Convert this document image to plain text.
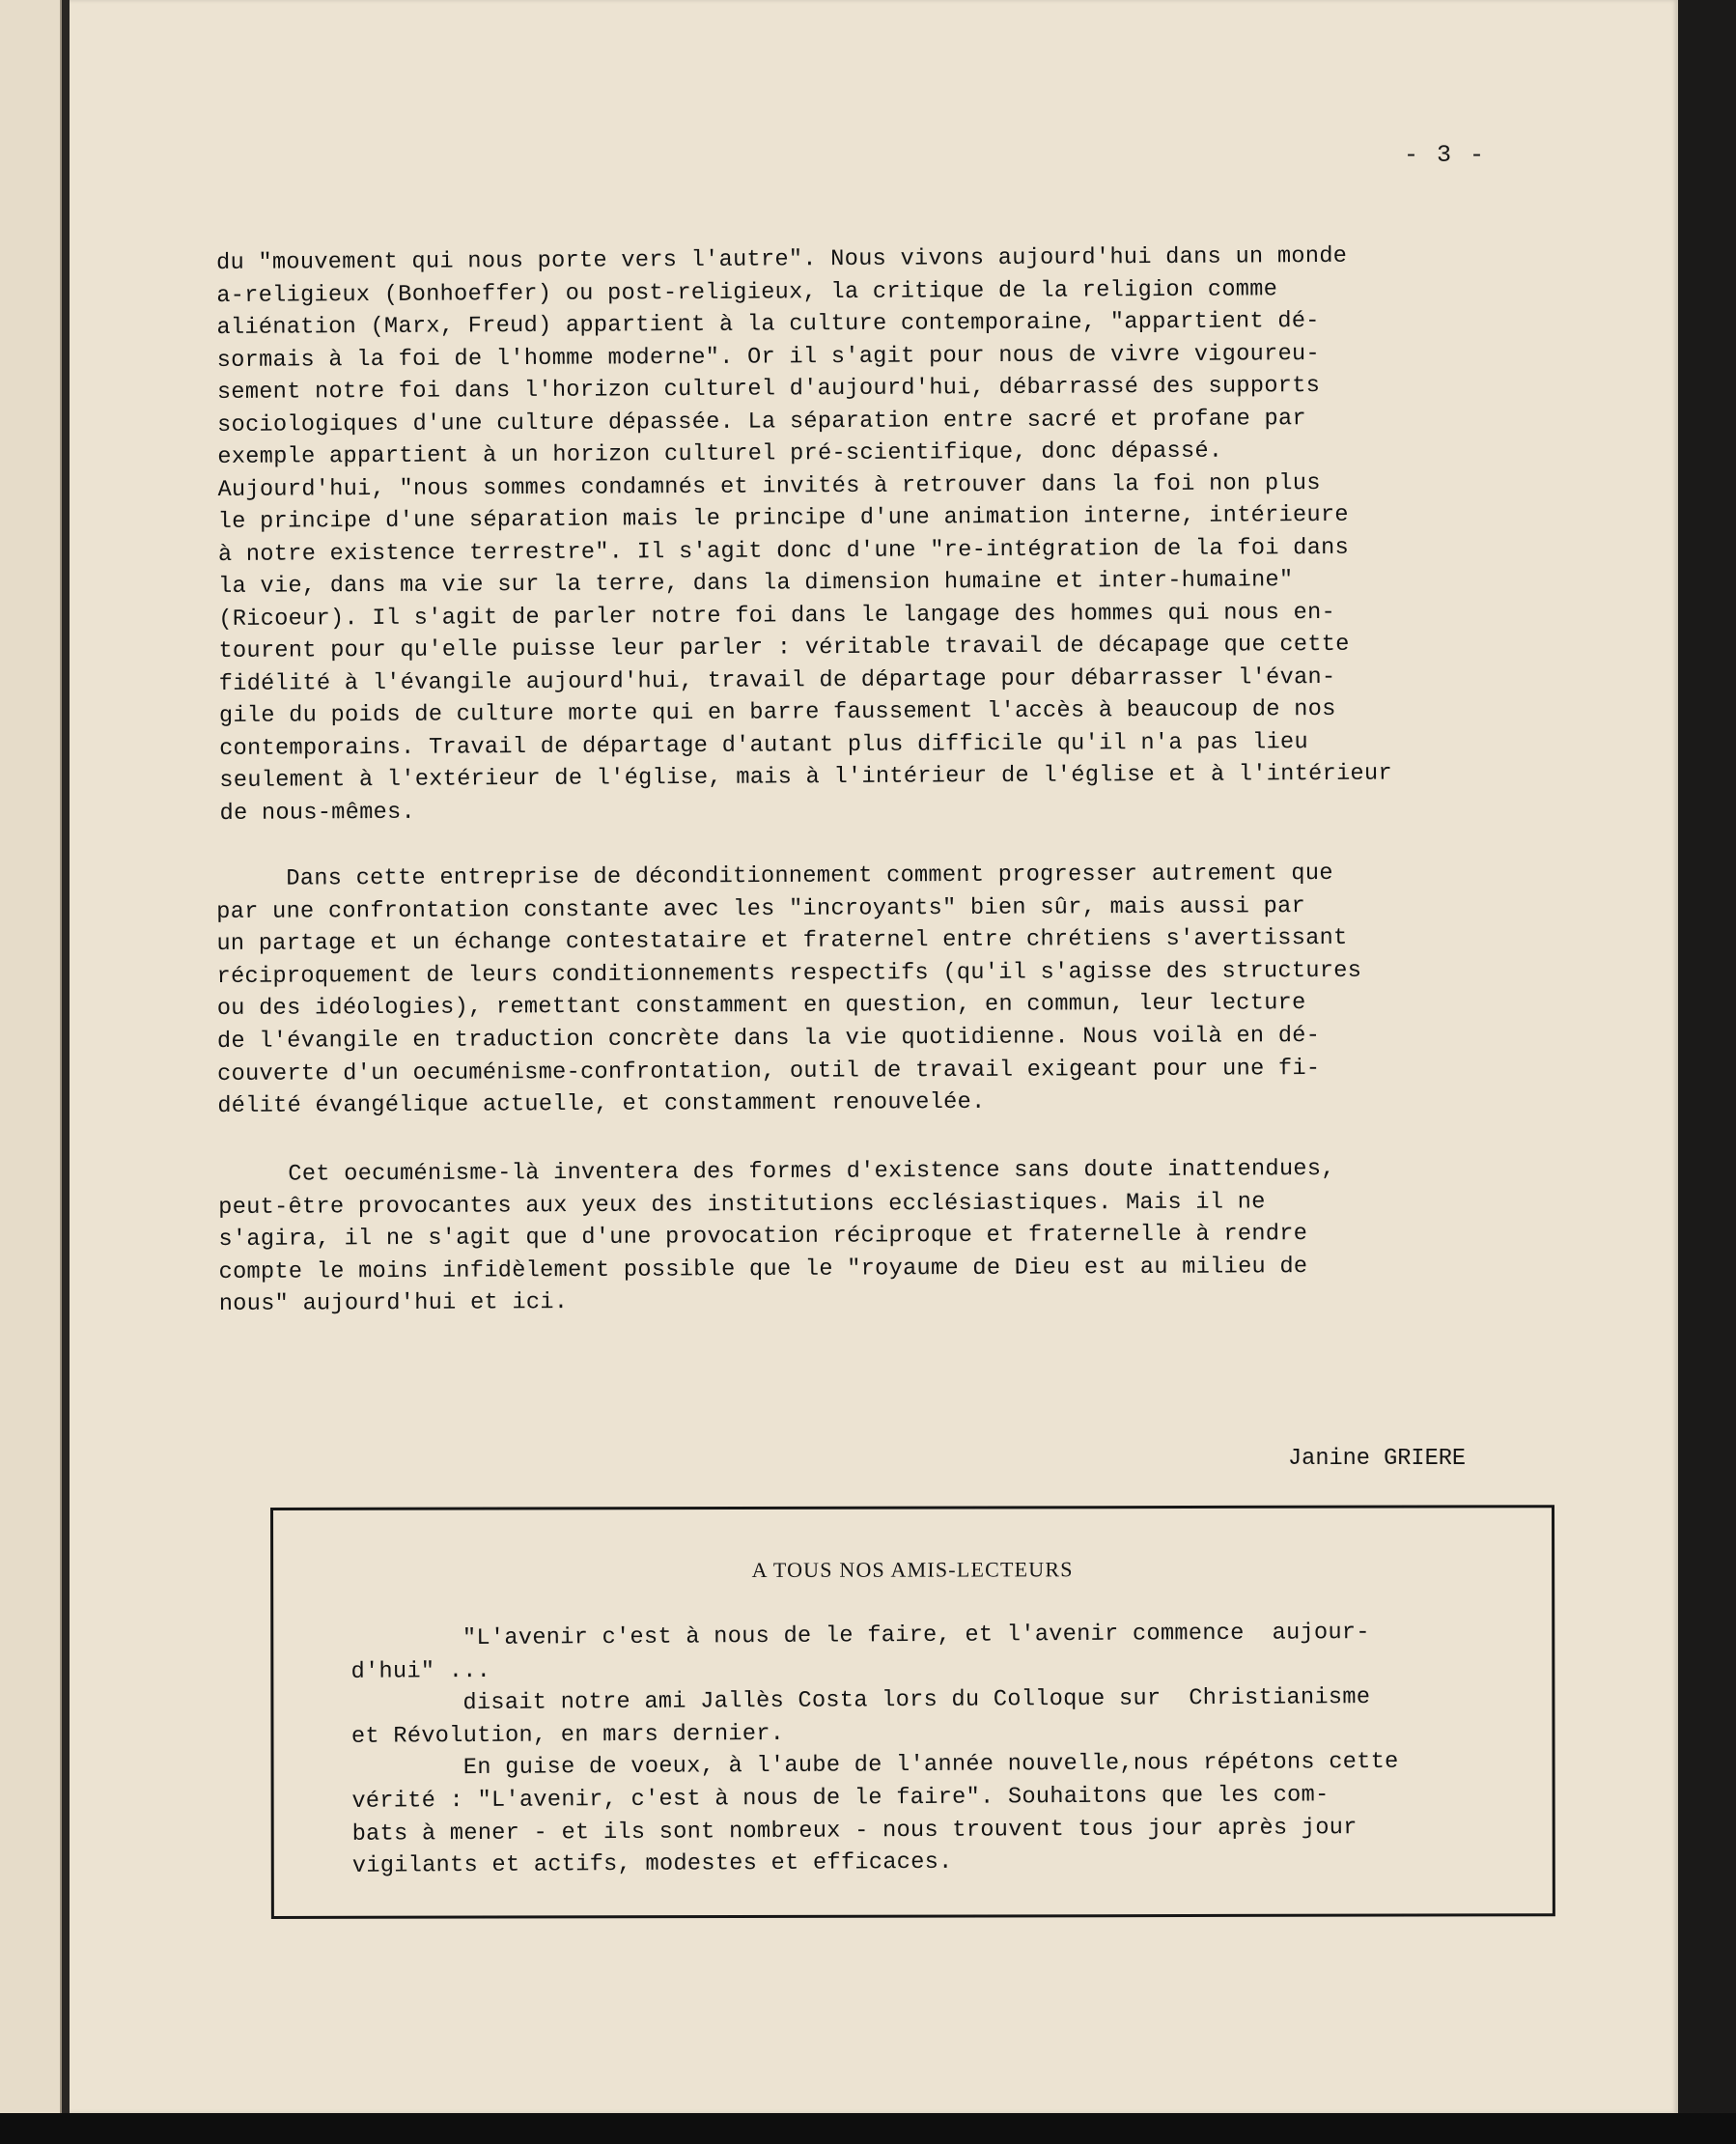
- 3 -
du "mouvement qui nous porte vers l'autre". Nous vivons aujourd'hui dans un monde
a-religieux (Bonhoeffer) ou post-religieux, la critique de la religion comme
aliénation (Marx, Freud) appartient à la culture contemporaine, "appartient dé-
sormais à la foi de l'homme moderne". Or il s'agit pour nous de vivre vigoureu-
sement notre foi dans l'horizon culturel d'aujourd'hui, débarrassé des supports
sociologiques d'une culture dépassée. La séparation entre sacré et profane par
exemple appartient à un horizon culturel pré-scientifique, donc dépassé.
Aujourd'hui, "nous sommes condamnés et invités à retrouver dans la foi non plus
le principe d'une séparation mais le principe d'une animation interne, intérieure
à notre existence terrestre". Il s'agit donc d'une "re-intégration de la foi dans
la vie, dans ma vie sur la terre, dans la dimension humaine et inter-humaine"
(Ricoeur). Il s'agit de parler notre foi dans le langage des hommes qui nous en-
tourent pour qu'elle puisse leur parler : véritable travail de décapage que cette
fidélité à l'évangile aujourd'hui, travail de départage pour débarrasser l'évan-
gile du poids de culture morte qui en barre faussement l'accès à beaucoup de nos
contemporains. Travail de départage d'autant plus difficile qu'il n'a pas lieu
seulement à l'extérieur de l'église, mais à l'intérieur de l'église et à l'intérieur
de nous-mêmes.
Dans cette entreprise de déconditionnement comment progresser autrement que
par une confrontation constante avec les "incroyants" bien sûr, mais aussi par
un partage et un échange contestataire et fraternel entre chrétiens s'avertissant
réciproquement de leurs conditionnements respectifs (qu'il s'agisse des structures
ou des idéologies), remettant constamment en question, en commun, leur lecture
de l'évangile en traduction concrète dans la vie quotidienne. Nous voilà en dé-
couverte d'un oecuménisme-confrontation, outil de travail exigeant pour une fi-
délité évangélique actuelle, et constamment renouvelée.
Cet oecuménisme-là inventera des formes d'existence sans doute inattendues,
peut-être provocantes aux yeux des institutions ecclésiastiques. Mais il ne
s'agira, il ne s'agit que d'une provocation réciproque et fraternelle à rendre
compte le moins infidèlement possible que le "royaume de Dieu est au milieu de
nous" aujourd'hui et ici.
Janine GRIERE
A TOUS NOS AMIS-LECTEURS
"L'avenir c'est à nous de le faire, et l'avenir commence  aujour-
d'hui" ...
disait notre ami Jallès Costa lors du Colloque sur  Christianisme
et Révolution, en mars dernier.
En guise de voeux, à l'aube de l'année nouvelle,nous répétons cette
vérité : "L'avenir, c'est à nous de le faire". Souhaitons que les com-
bats à mener - et ils sont nombreux - nous trouvent tous jour après jour
vigilants et actifs, modestes et efficaces.
